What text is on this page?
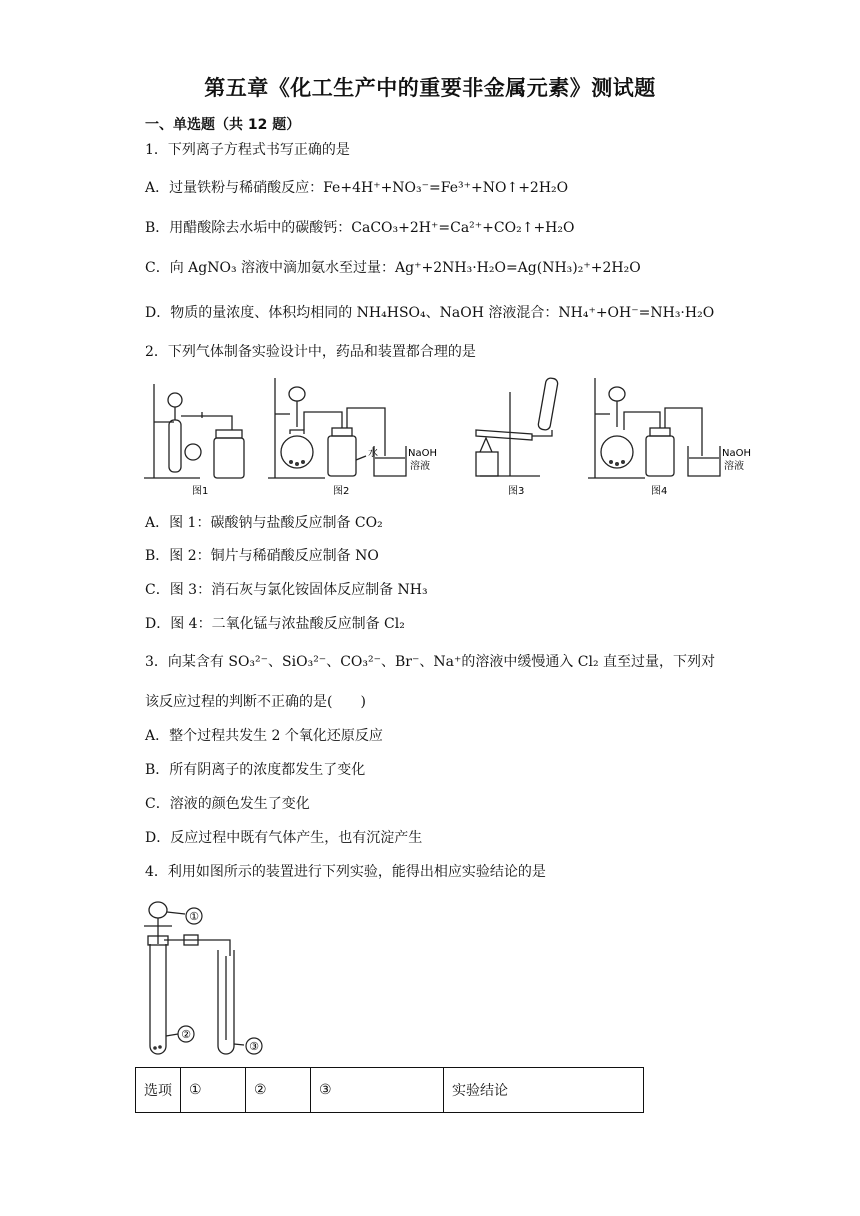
第五章《化工生产中的重要非金属元素》测试题
一、单选题（共 12 题）
1．下列离子方程式书写正确的是
A．过量铁粉与稀硝酸反应：Fe+4H⁺+NO₃⁻=Fe³⁺+NO↑+2H₂O
B．用醋酸除去水垢中的碳酸钙：CaCO₃+2H⁺=Ca²⁺+CO₂↑+H₂O
C．向 AgNO₃ 溶液中滴加氨水至过量：Ag⁺+2NH₃·H₂O=Ag(NH₃)₂⁺+2H₂O
D．物质的量浓度、体积均相同的 NH₄HSO₄、NaOH 溶液混合：NH₄⁺+OH⁻=NH₃·H₂O
2．下列气体制备实验设计中，药品和装置都合理的是
水	NaOH
溶液
NaOH
溶液
图1	图2	图3	图4
A．图 1：碳酸钠与盐酸反应制备 CO₂
B．图 2：铜片与稀硝酸反应制备 NO
C．图 3：消石灰与氯化铵固体反应制备 NH₃
D．图 4：二氧化锰与浓盐酸反应制备 Cl₂
3．向某含有 SO₃²⁻、SiO₃²⁻、CO₃²⁻、Br⁻、Na⁺的溶液中缓慢通入 Cl₂ 直至过量，下列对
该反应过程的判断不正确的是(　　)
A．整个过程共发生 2 个氧化还原反应
B．所有阴离子的浓度都发生了变化
C．溶液的颜色发生了变化
D．反应过程中既有气体产生，也有沉淀产生
4．利用如图所示的装置进行下列实验，能得出相应实验结论的是
①
②
③
选项	①	②	③	实验结论
